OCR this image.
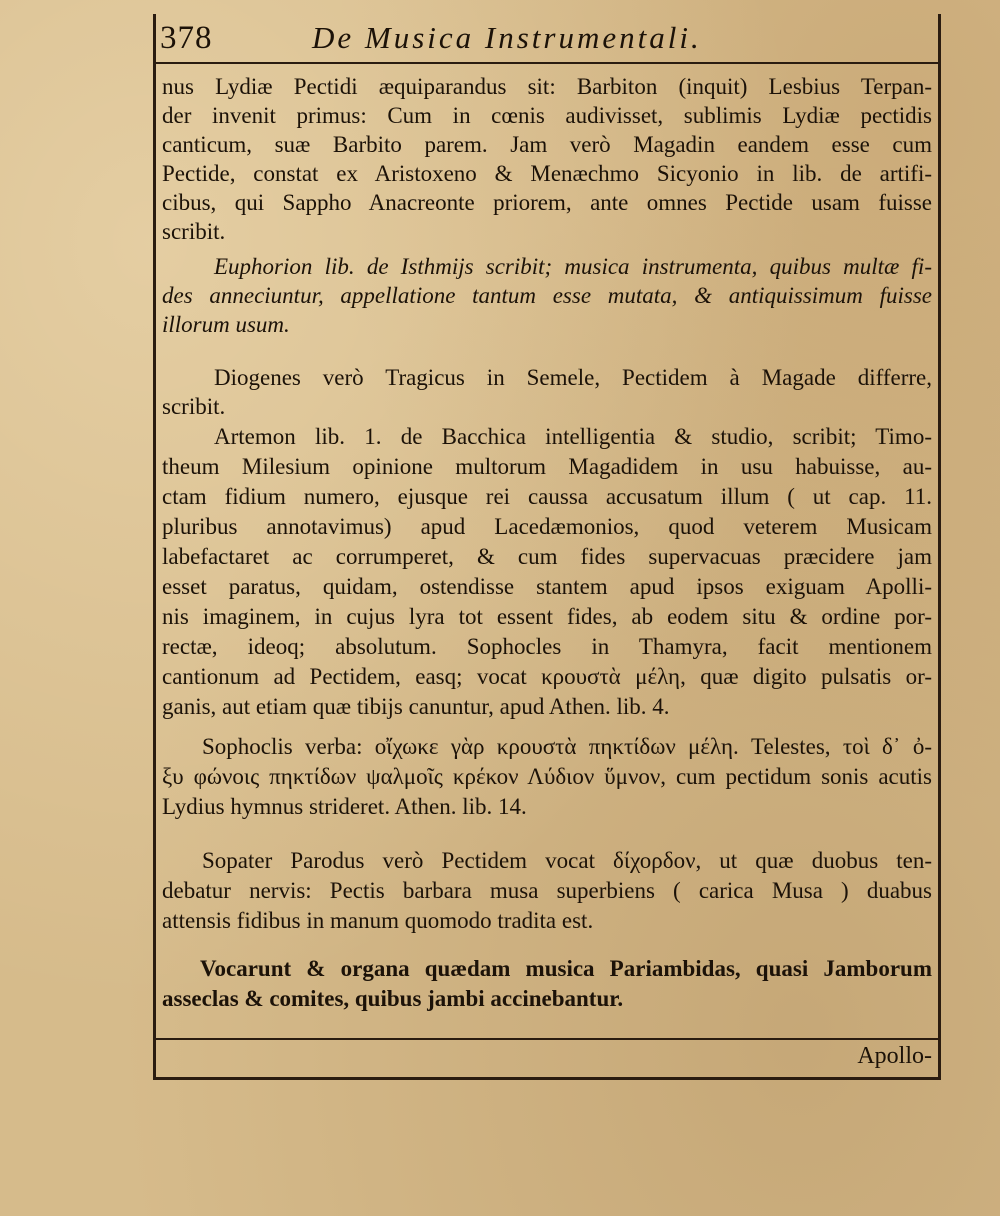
378	De Musica Instrumentali.
nus Lydiæ Pectidi æquiparandus sit: Barbiton (inquit) Lesbius Terpan-
der invenit primus: Cum in cœnis audivisset, sublimis Lydiæ pectidis
canticum, suæ Barbito parem. Jam verò Magadin eandem esse cum
Pectide, constat ex Aristoxeno & Menæchmo Sicyonio in lib. de artifi-
cibus, qui Sappho Anacreonte priorem, ante omnes Pectide usam fuisse
scribit.
Euphorion lib. de Isthmijs scribit; musica instrumenta, quibus multæ fi-
des anneciuntur, appellatione tantum esse mutata, & antiquissimum fuisse
illorum usum.
Diogenes verò Tragicus in Semele, Pectidem à Magade differre,
scribit.
Artemon lib. 1. de Bacchica intelligentia & studio, scribit; Timo-
theum Milesium opinione multorum Magadidem in usu habuisse, au-
ctam fidium numero, ejusque rei caussa accusatum illum ( ut cap. 11.
pluribus annotavimus) apud Lacedæmonios, quod veterem Musicam
labefactaret ac corrumperet, & cum fides supervacuas præcidere jam
esset paratus, quidam, ostendisse stantem apud ipsos exiguam Apolli-
nis imaginem, in cujus lyra tot essent fides, ab eodem situ & ordine por-
rectæ, ideoq; absolutum. Sophocles in Thamyra, facit mentionem
cantionum ad Pectidem, easq; vocat κρoυστὰ μέλη, quæ digito pulsatis or-
ganis, aut etiam quæ tibijs canuntur, apud Athen. lib. 4.
Sophoclis verba: οἴχωκε γὰρ κρουστὰ πηκτίδων μέλη. Telestes, τοὶ δ᾽ ὀ-
ξυ φώνοις πηκτίδων ψαλμοῖς κρέκον Λύδιον ὕμνον, cum pectidum sonis acutis
Lydius hymnus strideret. Athen. lib. 14.
Sopater Parodus verò Pectidem vocat δίχορδον, ut quæ duobus ten-
debatur nervis: Pectis barbara musa superbiens ( carica Musa ) duabus
attensis fidibus in manum quomodo tradita est.
Vocarunt & organa quædam musica Pariambidas, quasi Jamborum
asseclas & comites, quibus jambi accinebantur.
Apollo-
